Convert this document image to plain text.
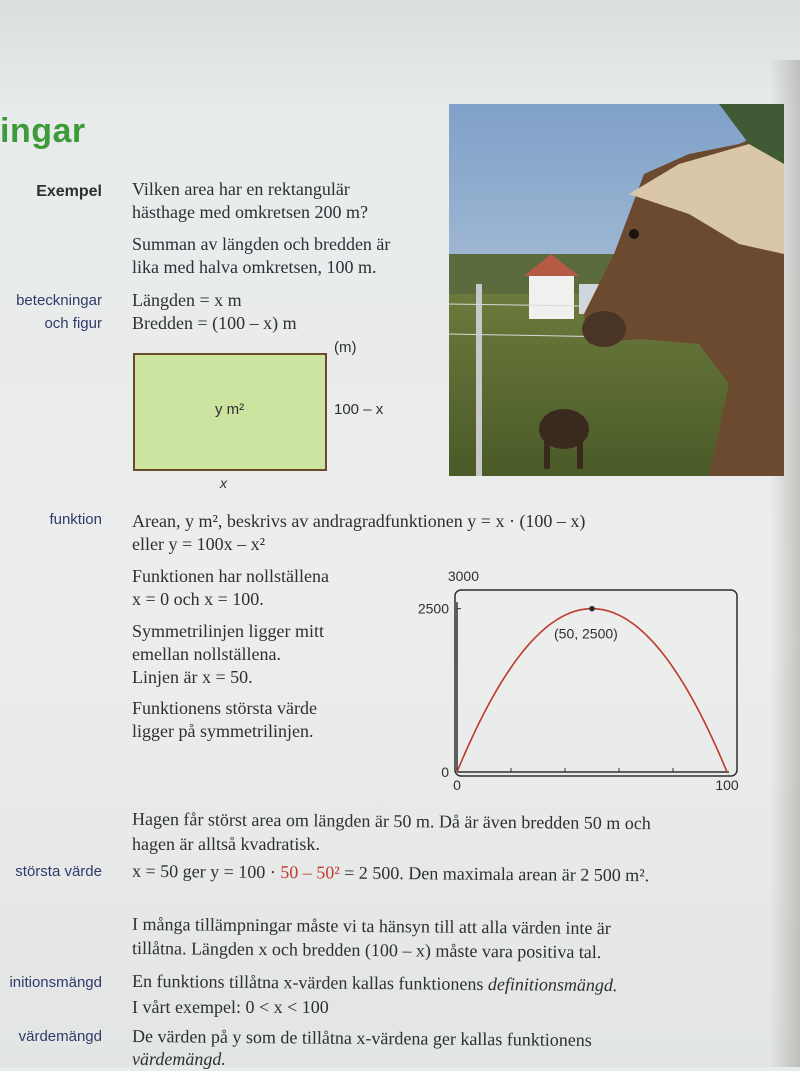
ingar
Exempel
beteckningar
och figur
funktion
största värde
initionsmängd
värdemängd
Vilken area har en rektangulär
hästhage med omkretsen 200 m?
Summan av längden och bredden är
lika med halva omkretsen, 100 m.
Längden = x m
Bredden = (100 – x) m
(m)
y m²	100 – x
x
Arean, y m², beskrivs av andragradfunktionen y = x · (100 – x)
eller y = 100x – x²
Funktionen har nollställena
x = 0 och x = 100.
Symmetrilinjen ligger mitt
emellan nollställena.
Linjen är x = 50.
Funktionens största värde
ligger på symmetrilinjen.
(50, 2500)
0
2500
3000
0	100
Hagen får störst area om längden är 50 m. Då är även bredden 50 m och
hagen är alltså kvadratisk.
x = 50 ger y = 100 · 50 – 50² = 2 500. Den maximala arean är 2 500 m².
I många tillämpningar måste vi ta hänsyn till att alla värden inte är
tillåtna. Längden x och bredden (100 – x) måste vara positiva tal.
En funktions tillåtna x-värden kallas funktionens definitionsmängd.
I vårt exempel: 0 < x < 100
De värden på y som de tillåtna x-värdena ger kallas funktionens
värdemängd.
